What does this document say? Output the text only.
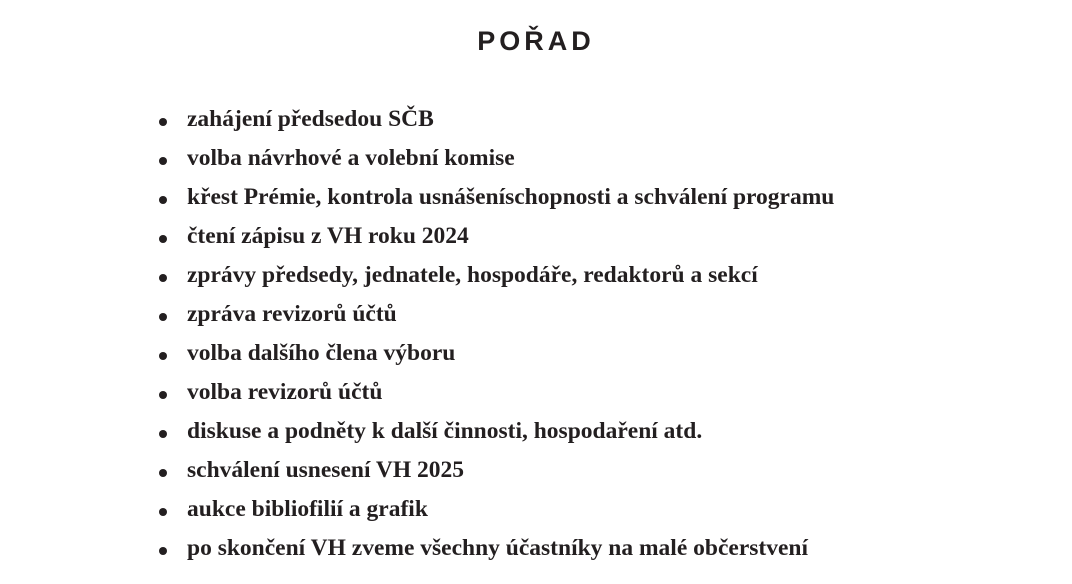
POŘAD
zahájení předsedou SČB
volba návrhové a volební komise
křest Prémie, kontrola usnášeníschopnosti a schválení programu
čtení zápisu z VH roku 2024
zprávy předsedy, jednatele, hospodáře, redaktorů a sekcí
zpráva revizorů účtů
volba dalšího člena výboru
volba revizorů účtů
diskuse a podněty k další činnosti, hospodaření atd.
schválení usnesení VH 2025
aukce bibliofilií a grafik
po skončení VH zveme všechny účastníky na malé občerstvení
